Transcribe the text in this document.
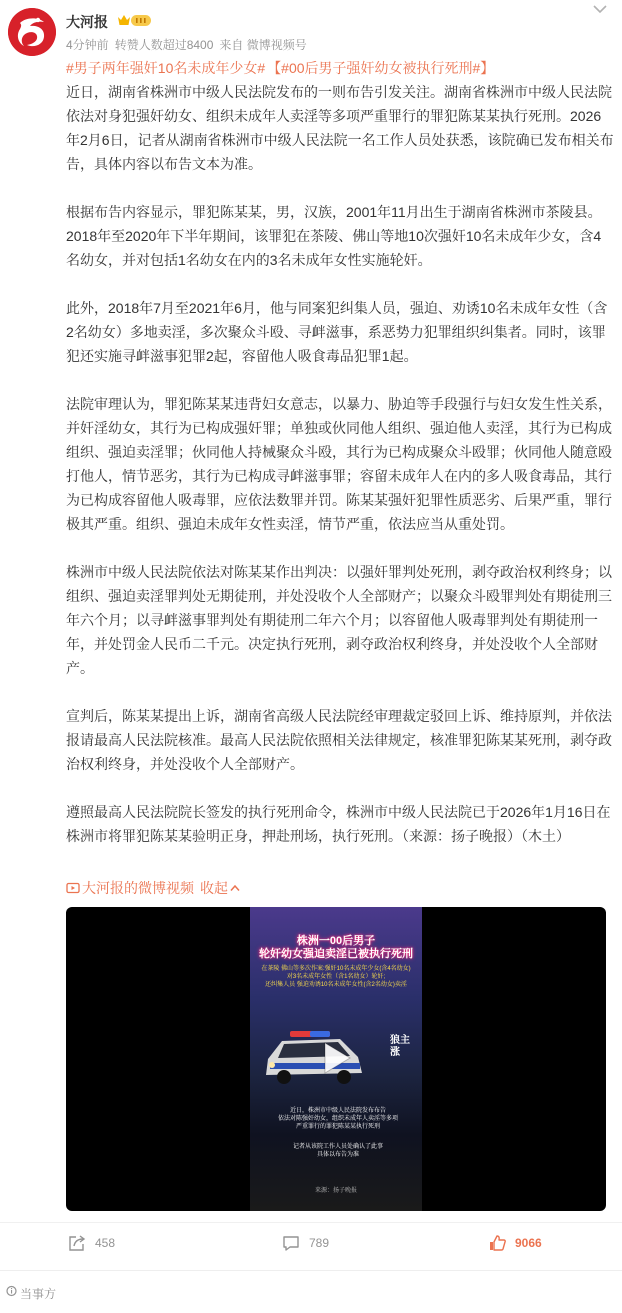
大河报
4分钟前 转赞人数超过8400 来自 微博视频号
#男子两年强奸10名未成年少女# 【#00后男子强奸幼女被执行死刑#】

近日，湖南省株洲市中级人民法院发布的一则布告引发关注。湖南省株洲市中级人民法院依法对身犯强奸幼女、组织未成年人卖淫等多项严重罪行的罪犯陈某某执行死刑。2026年2月6日，记者从湖南省株洲市中级人民法院一名工作人员处获悉，该院确已发布相关布告，具体内容以布告文本为准。

根据布告内容显示，罪犯陈某某，男，汉族，2001年11月出生于湖南省株洲市茶陵县。2018年至2020年下半年期间，该罪犯在茶陵、佛山等地10次强奸10名未成年少女，含4名幼女，并对包括1名幼女在内的3名未成年女性实施轮奸。

此外，2018年7月至2021年6月，他与同案犯纠集人员，强迫、劝诱10名未成年女性（含2名幼女）多地卖淫，多次聚众斗殴、寻衅滋事，系恶势力犯罪组织纠集者。同时，该罪犯还实施寻衅滋事犯罪2起，容留他人吸食毒品犯罪1起。

法院审理认为，罪犯陈某某违背妇女意志，以暴力、胁迫等手段强行与妇女发生性关系，并奸淫幼女，其行为已构成强奸罪；单独或伙同他人组织、强迫他人卖淫，其行为已构成组织、强迫卖淫罪；伙同他人持械聚众斗殴，其行为已构成聚众斗殴罪；伙同他人随意殴打他人，情节恶劣，其行为已构成寻衅滋事罪；容留未成年人在内的多人吸食毒品，其行为已构成容留他人吸毒罪，应依法数罪并罚。陈某某强奸犯罪性质恶劣、后果严重，罪行极其严重。组织、强迫未成年女性卖淫，情节严重，依法应当从重处罚。

株洲市中级人民法院依法对陈某某作出判决：以强奸罪判处死刑，剥夺政治权利终身；以组织、强迫卖淫罪判处无期徒刑，并处没收个人全部财产；以聚众斗殴罪判处有期徒刑三年六个月；以寻衅滋事罪判处有期徒刑二年六个月；以容留他人吸毒罪判处有期徒刑一年，并处罚金人民币二千元。决定执行死刑，剥夺政治权利终身，并处没收个人全部财产。

宣判后，陈某某提出上诉，湖南省高级人民法院经审理裁定驳回上诉、维持原判，并依法报请最高人民法院核准。最高人民法院依照相关法律规定，核准罪犯陈某某死刑，剥夺政治权利终身，并处没收个人全部财产。

遵照最高人民法院院长签发的执行死刑命令，株洲市中级人民法院已于2026年1月16日在株洲市将罪犯陈某某验明正身，押赴刑场，执行死刑。（来源：扬子晚报）（木土）

大河报的微博视频 收起
株洲一00后男子
轮奸幼女强迫卖淫已被执行死刑
在茶陵 佛山等多次作案:强奸10名未成年少女(含4名幼女)
对3名未成年女性（含1名幼女）轮奸;
还纠集人员 强迫劝诱10名未成年女性(含2名幼女)卖淫
狼主涨
近日，株洲市中级人民法院发布布告
依法对陈强奸幼女，组织未成年人卖淫等多项
严重罪行的罪犯陈某某执行死刑
记者从该院工作人员处确认了此事
具体以布告为准
来源：扬子晚报
458	789	9066
当事方
